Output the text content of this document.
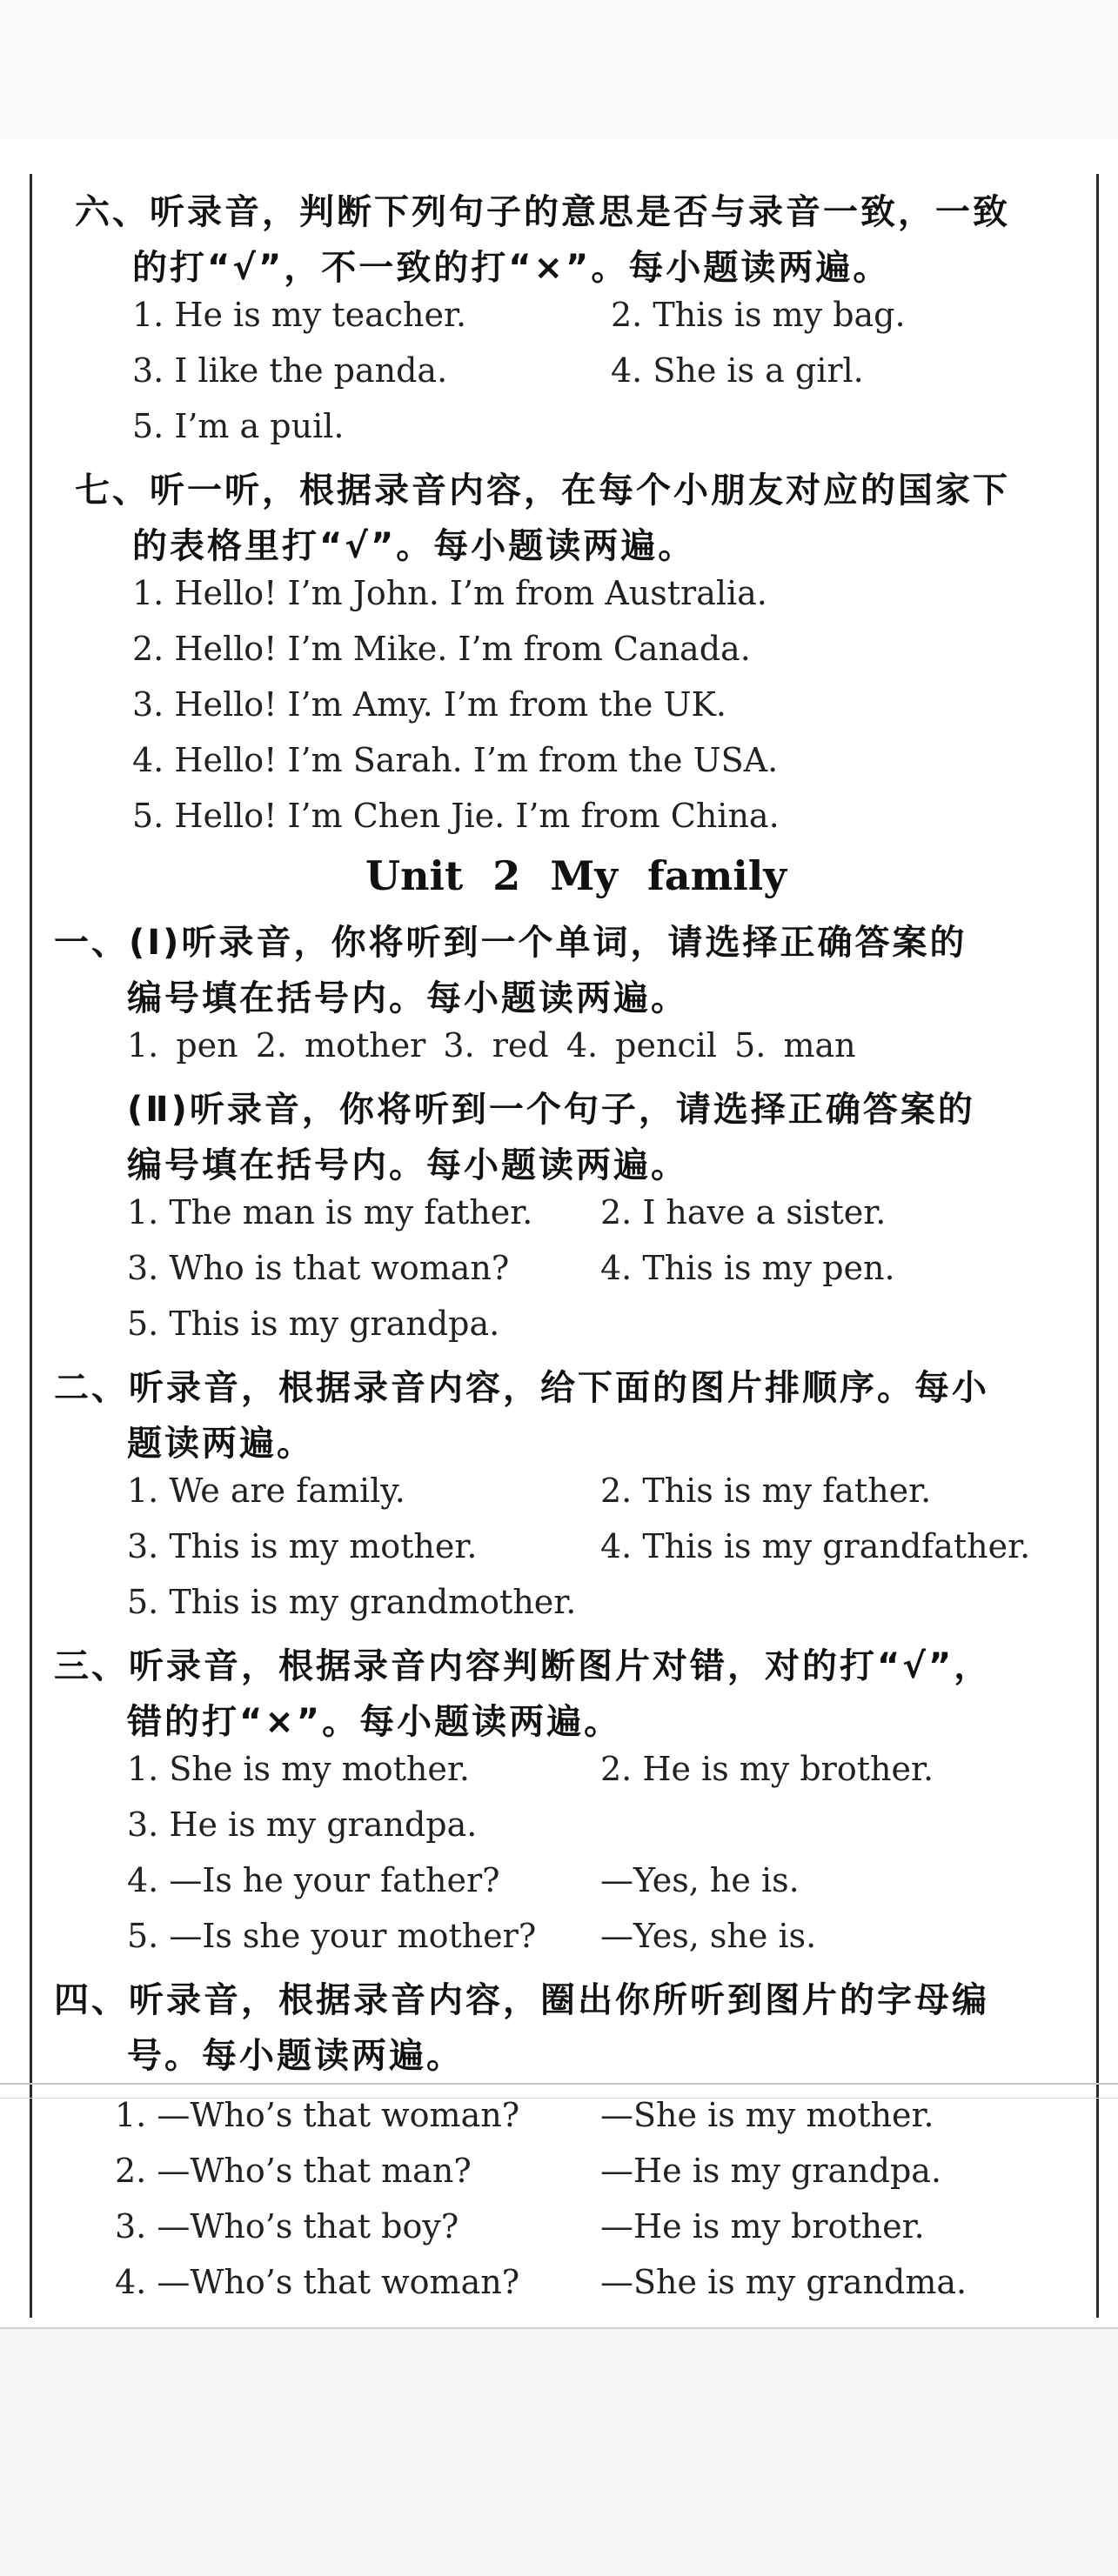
六、听录音，判断下列句子的意思是否与录音一致，一致
的打“√”，不一致的打“×”。每小题读两遍。
1. He is my teacher.	2. This is my bag.
3. I like the panda.	4. She is a girl.
5. I’m a puil.
七、听一听，根据录音内容，在每个小朋友对应的国家下
的表格里打“√”。每小题读两遍。
1. Hello! I’m John. I’m from Australia.
2. Hello! I’m Mike. I’m from Canada.
3. Hello! I’m Amy. I’m from the UK.
4. Hello! I’m Sarah. I’m from the USA.
5. Hello! I’m Chen Jie. I’m from China.
Unit 2 My family
一、(Ⅰ)听录音，你将听到一个单词，请选择正确答案的
编号填在括号内。每小题读两遍。
1. pen 2. mother 3. red 4. pencil 5. man
(Ⅱ)听录音，你将听到一个句子，请选择正确答案的
编号填在括号内。每小题读两遍。
1. The man is my father. 2. I have a sister.
3. Who is that woman?	4. This is my pen.
5. This is my grandpa.
二、听录音，根据录音内容，给下面的图片排顺序。每小
题读两遍。
1. We are family.	2. This is my father.
3. This is my mother.	4. This is my grandfather.
5. This is my grandmother.
三、听录音，根据录音内容判断图片对错，对的打“√”，
错的打“×”。每小题读两遍。
1. She is my mother.	2. He is my brother.
3. He is my grandpa.
4. —Is he your father?	—Yes, he is.
5. —Is she your mother? —Yes, she is.
四、听录音，根据录音内容，圈出你所听到图片的字母编
号。每小题读两遍。
1. —Who’s that woman? —She is my mother.
2. —Who’s that man?	—He is my grandpa.
3. —Who’s that boy?	—He is my brother.
4. —Who’s that woman? —She is my grandma.
